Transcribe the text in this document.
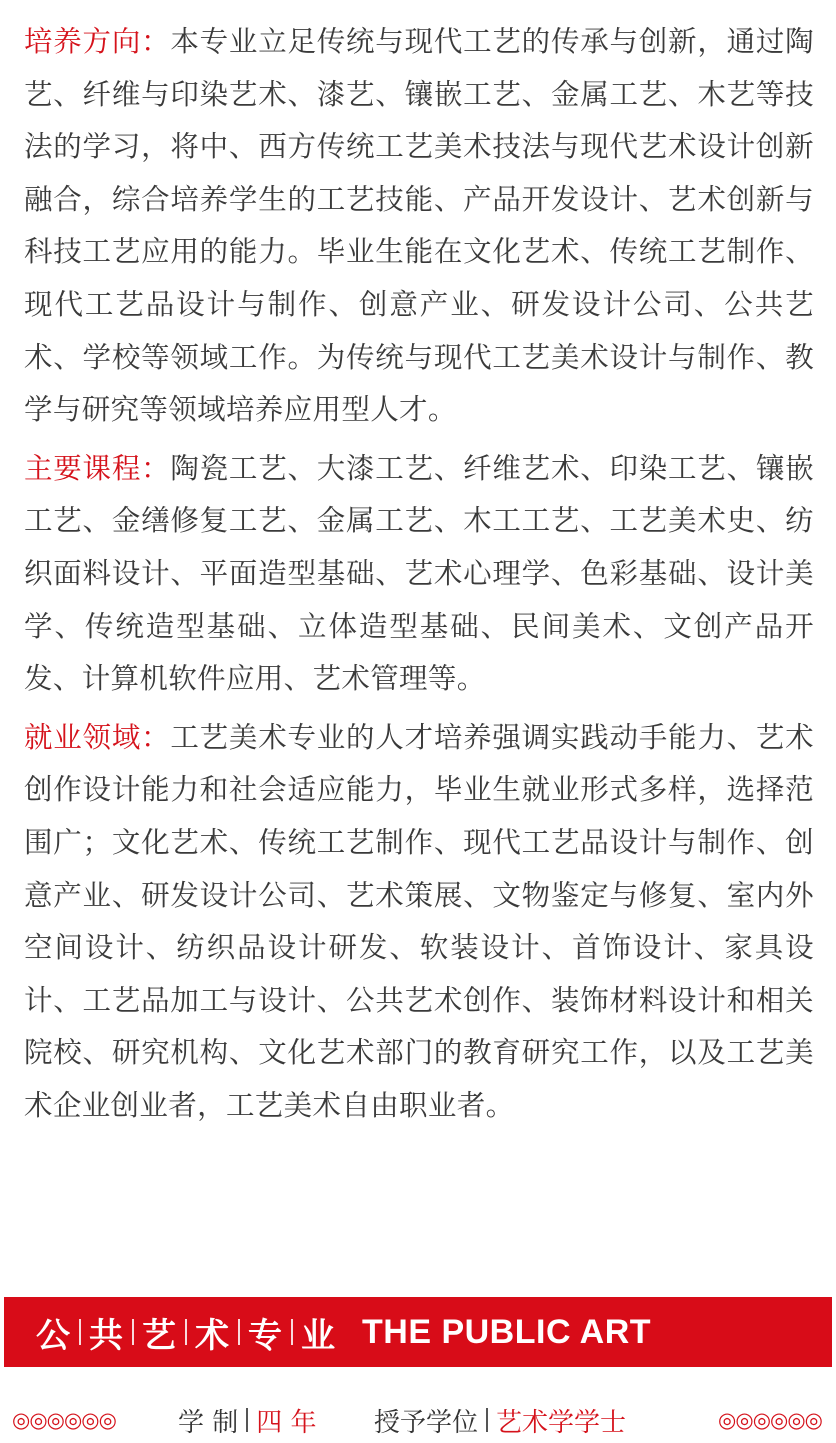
培养方向：本专业立足传统与现代工艺的传承与创新，通过陶艺、纤维与印染艺术、漆艺、镶嵌工艺、金属工艺、木艺等技法的学习，将中、西方传统工艺美术技法与现代艺术设计创新融合，综合培养学生的工艺技能、产品开发设计、艺术创新与科技工艺应用的能力。毕业生能在文化艺术、传统工艺制作、现代工艺品设计与制作、创意产业、研发设计公司、公共艺术、学校等领域工作。为传统与现代工艺美术设计与制作、教学与研究等领域培养应用型人才。

主要课程：陶瓷工艺、大漆工艺、纤维艺术、印染工艺、镶嵌工艺、金缮修复工艺、金属工艺、木工工艺、工艺美术史、纺织面料设计、平面造型基础、艺术心理学、色彩基础、设计美学、传统造型基础、立体造型基础、民间美术、文创产品开发、计算机软件应用、艺术管理等。

就业领域：工艺美术专业的人才培养强调实践动手能力、艺术创作设计能力和社会适应能力，毕业生就业形式多样，选择范围广；文化艺术、传统工艺制作、现代工艺品设计与制作、创意产业、研发设计公司、艺术策展、文物鉴定与修复、室内外空间设计、纺织品设计研发、软装设计、首饰设计、家具设计、工艺品加工与设计、公共艺术创作、装饰材料设计和相关院校、研究机构、文化艺术部门的教育研究工作，以及工艺美术企业创业者，工艺美术自由职业者。

公 共 艺 术 专 业 THE PUBLIC ART
◎◎◎◎◎◎ 学 制 四 年 授予学位 艺术学学士	◎◎◎◎◎◎
